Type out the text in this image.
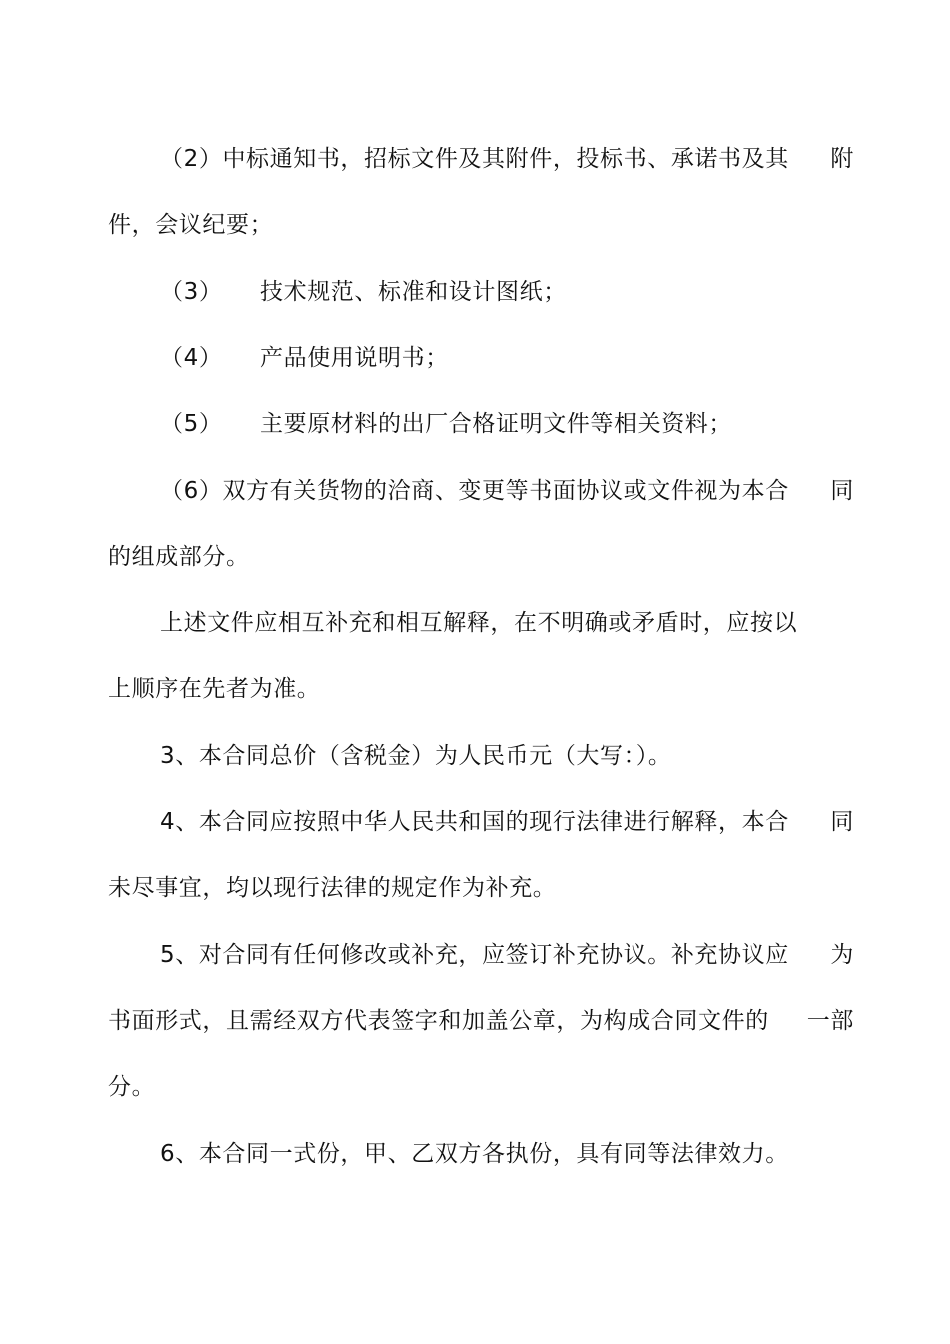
（2）中标通知书，招标文件及其附件，投标书、承诺书及其 附
件，会议纪要；
（3） 技术规范、标准和设计图纸；
（4） 产品使用说明书；
（5） 主要原材料的出厂合格证明文件等相关资料；
（6）双方有关货物的洽商、变更等书面协议或文件视为本合 同
的组成部分。
上述文件应相互补充和相互解释，在不明确或矛盾时，应按以
上顺序在先者为准。
3、本合同总价（含税金）为人民币元（大写：）。
4、本合同应按照中华人民共和国的现行法律进行解释，本合 同
未尽事宜，均以现行法律的规定作为补充。
5、对合同有任何修改或补充，应签订补充协议。补充协议应 为
书面形式，且需经双方代表签字和加盖公章，为构成合同文件的 一部
分。
6、本合同一式份，甲、乙双方各执份，具有同等法律效力。
